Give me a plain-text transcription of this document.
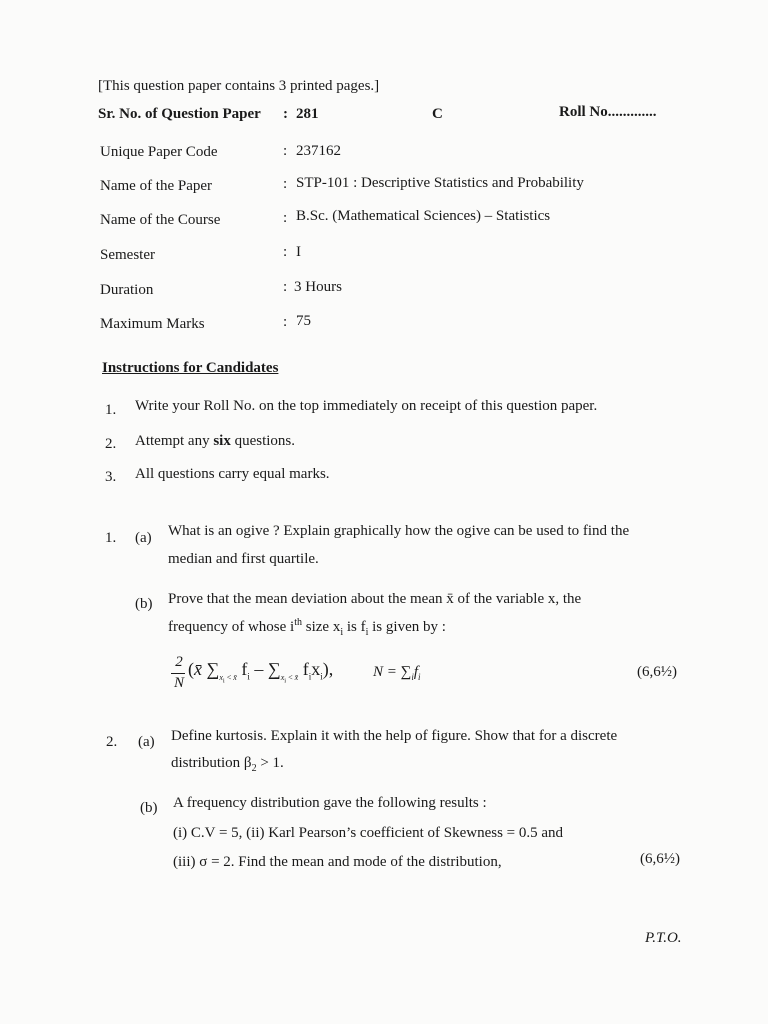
[This question paper contains 3 printed pages.]
Sr. No. of Question Paper : 281	C	Roll No.............
Unique Paper Code	: 237162
Name of the Paper	: STP-101 : Descriptive Statistics and Probability
Name of the Course	: B.Sc. (Mathematical Sciences) – Statistics
Semester	: I
Duration	: 3 Hours
Maximum Marks	: 75
Instructions for Candidates
1. Write your Roll No. on the top immediately on receipt of this question paper.
2. Attempt any six questions.
3. All questions carry equal marks.
1. (a) What is an ogive ? Explain graphically how the ogive can be used to find the
median and first quartile.
(b) Prove that the mean deviation about the mean x̄ of the variable x, the
frequency of whose $i^{th}$ size $x_i$ is $f_i$ is given by :
2
N
(x̄ $\sum_{x_i < x̄}$ $f_i - \sum_{x_i < x̄}$ $f_ix_i$),	$N = \sum_if_i$	(6,6½)
2. (a) Define kurtosis. Explain it with the help of figure. Show that for a discrete
distribution $\beta_2 > 1$.
(b) A frequency distribution gave the following results :
(i) C.V = 5, (ii) Karl Pearson’s coefficient of Skewness = 0.5 and
(iii) σ = 2. Find the mean and mode of the distribution,	(6,6½)
P.T.O.
